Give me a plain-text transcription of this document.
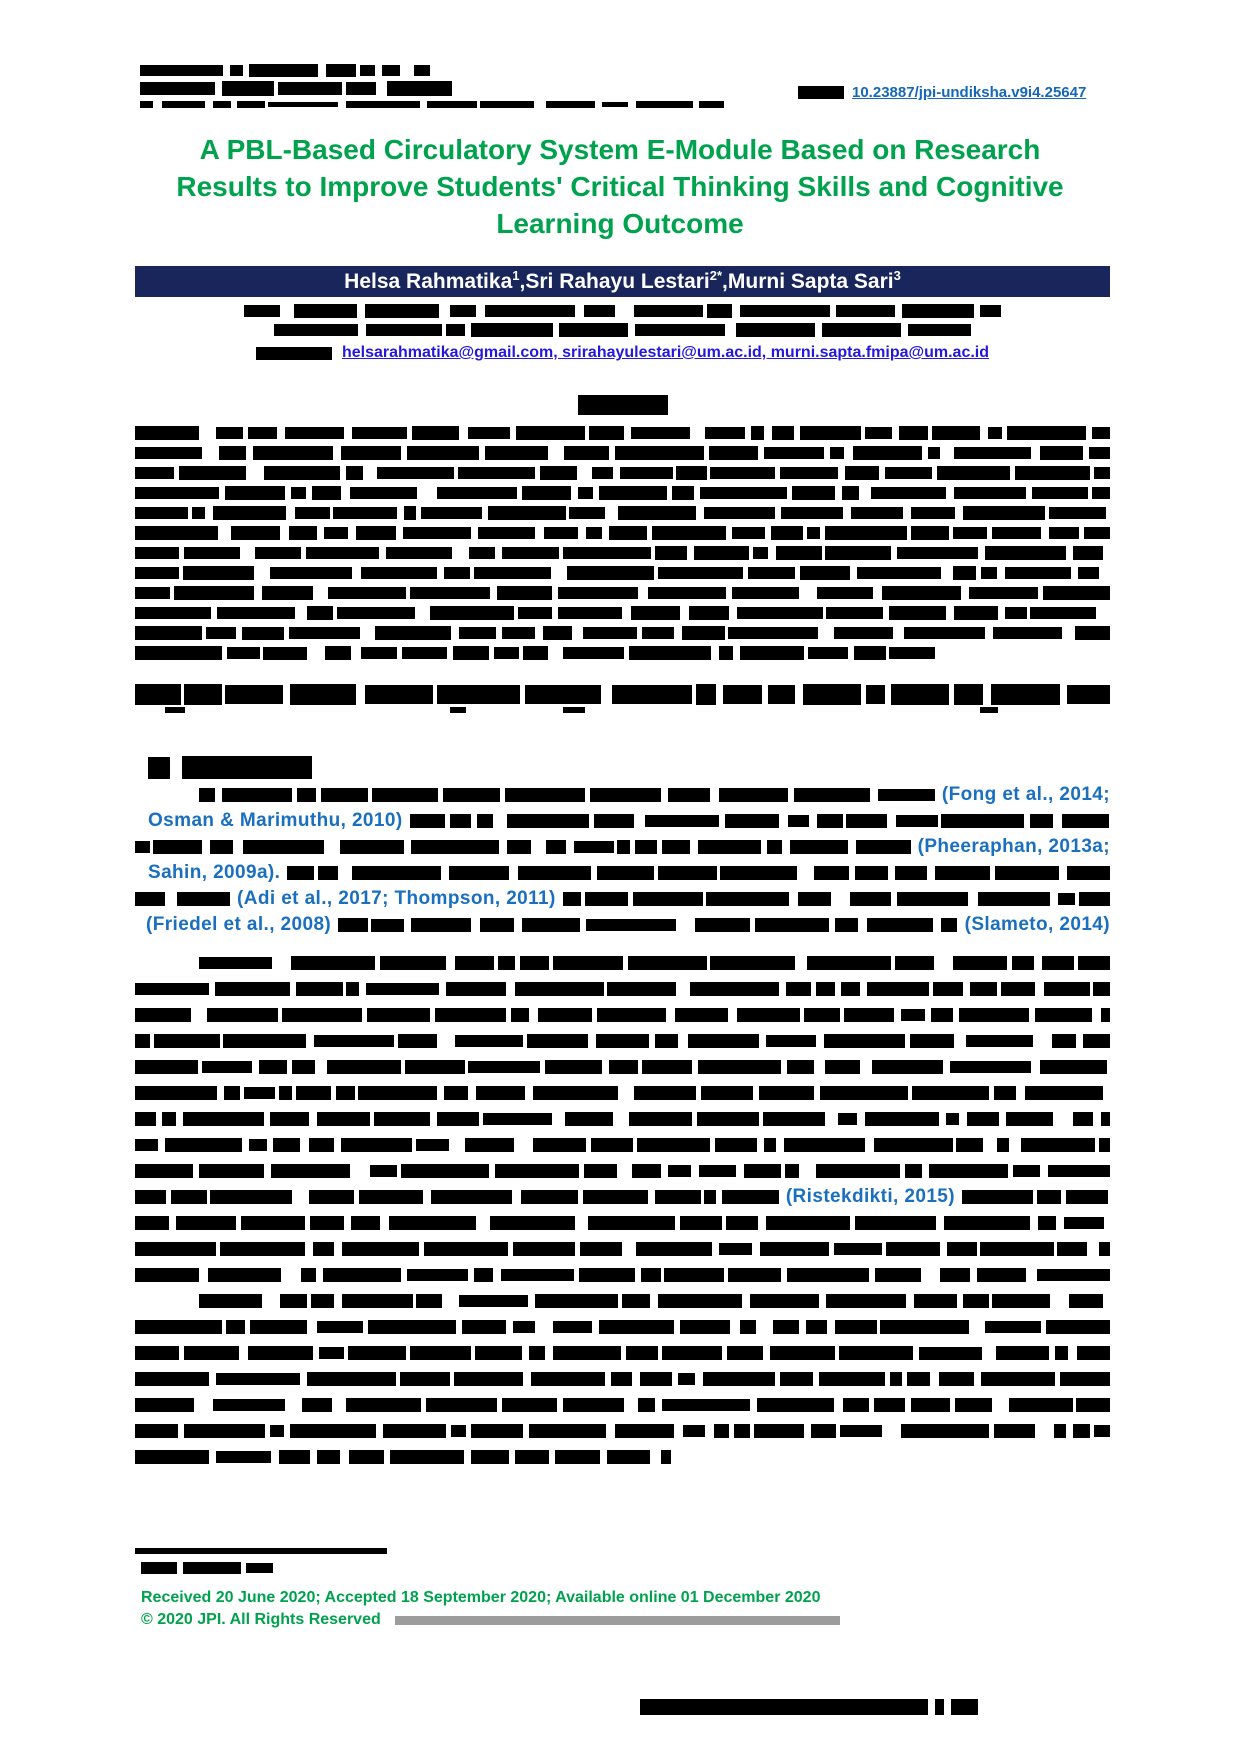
10.23887/jpi-undiksha.v9i4.25647
A PBL-Based Circulatory System E-Module Based on Research
Results to Improve Students' Critical Thinking Skills and Cognitive
Learning Outcome
Helsa Rahmatika$^1$, Sri Rahayu Lestari$^{2*}$, Murni Sapta Sari$^3$
helsarahmatika@gmail.com, srirahayulestari@um.ac.id, murni.sapta.fmipa@um.ac.id
(Fong et al., 2014;
Osman & Marimuthu, 2010)
(Pheeraphan, 2013a;
Sahin, 2009a).
(Adi et al., 2017; Thompson, 2011)
(Friedel et al., 2008)	(Slameto, 2014)
(Ristekdikti, 2015)
Received 20 June 2020; Accepted 18 September 2020; Available online 01 December 2020
© 2020 JPI. All Rights Reserved
